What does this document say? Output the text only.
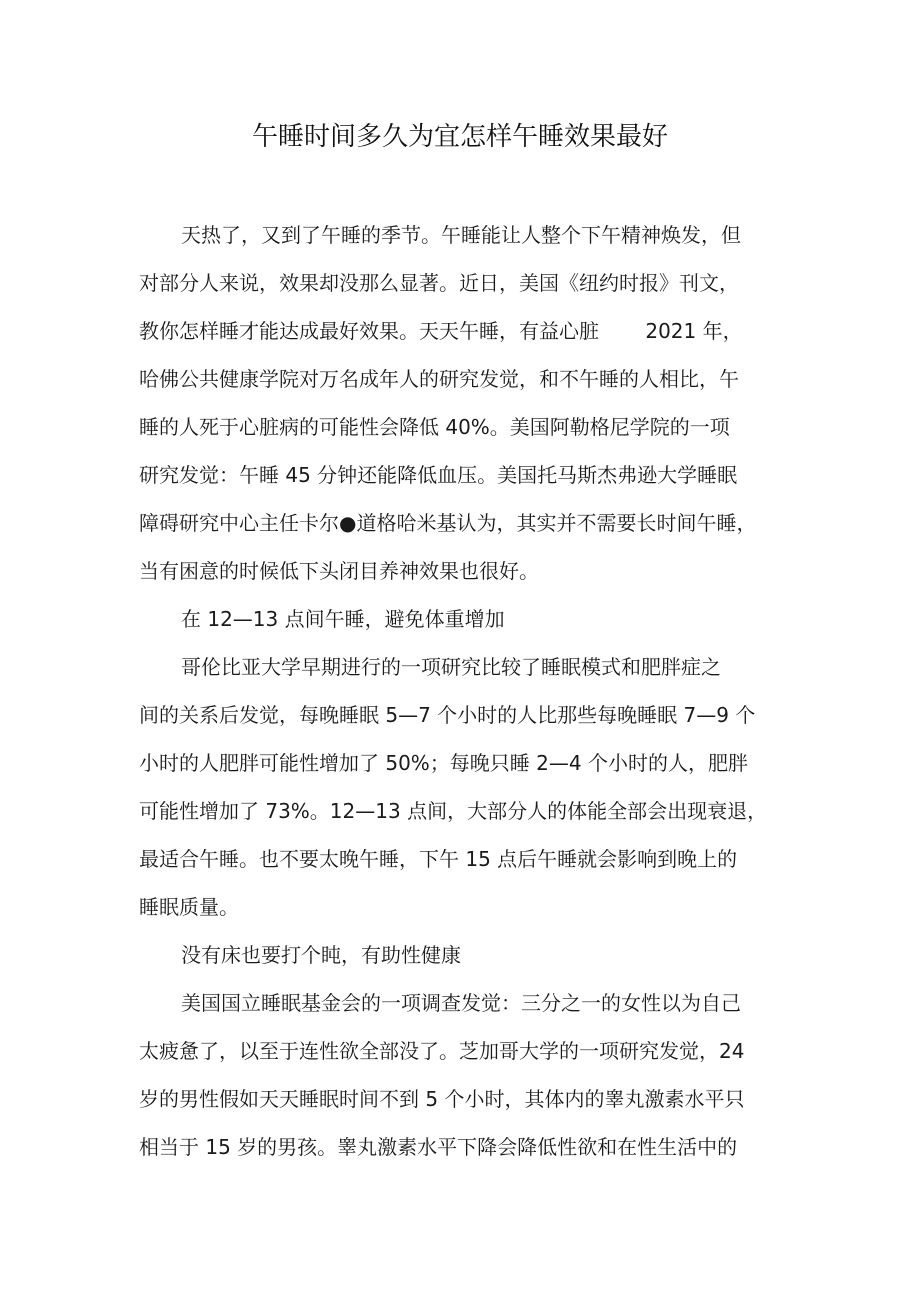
午睡时间多久为宜怎样午睡效果最好

天热了，又到了午睡的季节。午睡能让人整个下午精神焕发，但

对部分人来说，效果却没那么显著。近日，美国《纽约时报》刊文，

教你怎样睡才能达成最好效果。天天午睡，有益心脏　　 2021 年，

哈佛公共健康学院对万名成年人的研究发觉，和不午睡的人相比，午

睡的人死于心脏病的可能性会降低 40%。美国阿勒格尼学院的一项

研究发觉：午睡 45 分钟还能降低血压。美国托马斯杰弗逊大学睡眠

障碍研究中心主任卡尔●道格哈米基认为，其实并不需要长时间午睡，

当有困意的时候低下头闭目养神效果也很好。

在 12—13 点间午睡，避免体重增加

哥伦比亚大学早期进行的一项研究比较了睡眠模式和肥胖症之

间的关系后发觉，每晚睡眠 5—7 个小时的人比那些每晚睡眠 7—9 个

小时的人肥胖可能性增加了 50%；每晚只睡 2—4 个小时的人，肥胖

可能性增加了 73%。12—13 点间，大部分人的体能全部会出现衰退，

最适合午睡。也不要太晚午睡，下午 15 点后午睡就会影响到晚上的

睡眠质量。

没有床也要打个盹，有助性健康

美国国立睡眠基金会的一项调查发觉：三分之一的女性以为自己

太疲惫了，以至于连性欲全部没了。芝加哥大学的一项研究发觉，24

岁的男性假如天天睡眠时间不到 5 个小时，其体内的睾丸激素水平只

相当于 15 岁的男孩。睾丸激素水平下降会降低性欲和在性生活中的
